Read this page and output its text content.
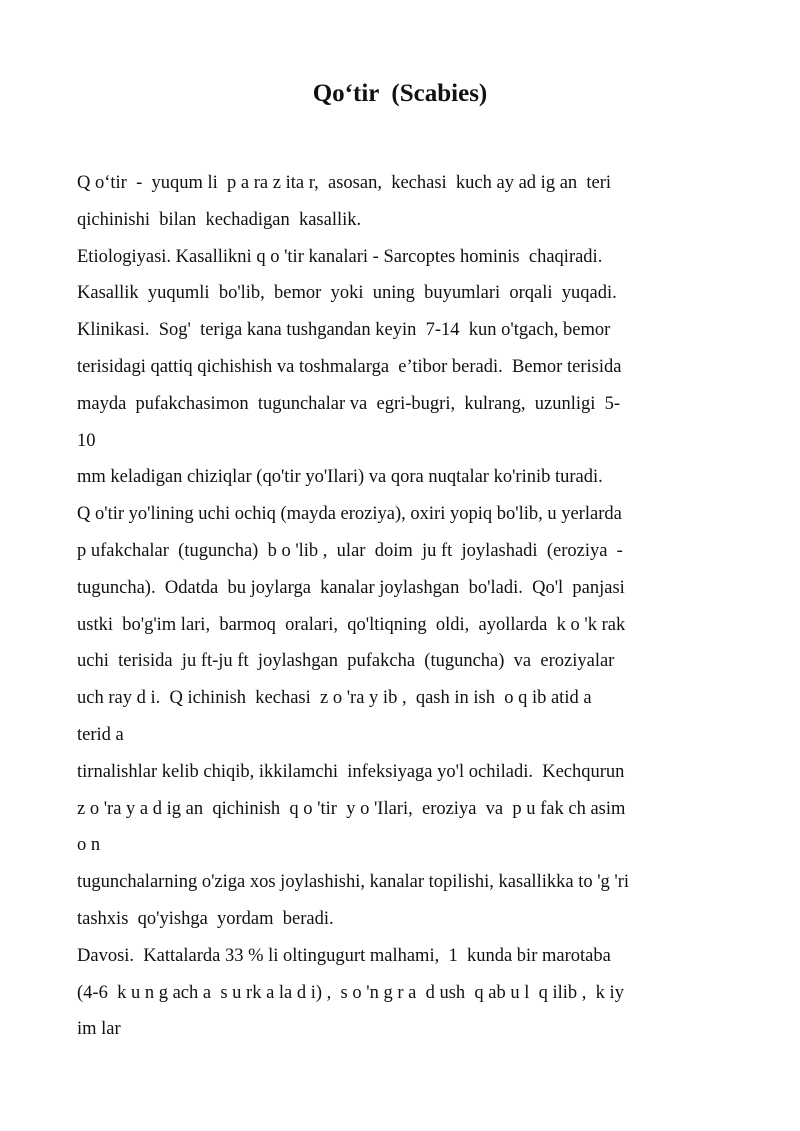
Qo‘tir  (Scabies)
Q o‘tir  -  yuqum li  p a ra z ita r,  asosan,  kechasi  kuch ay ad ig an  teri
qichinishi  bilan  kechadigan  kasallik.
Etiologiyasi. Kasallikni q o 'tir kanalari - Sarcoptes hominis  chaqiradi.
Kasallik  yuqumli  bo'lib,  bemor  yoki  uning  buyumlari  orqali  yuqadi.
Klinikasi.  Sog'  teriga kana tushgandan keyin  7-14  kun o'tgach, bemor
terisidagi qattiq qichishish va toshmalarga  e’tibor beradi.  Bemor terisida
mayda  pufakchasimon  tugunchalar va  egri-bugri,  kulrang,  uzunligi  5-
10
mm keladigan chiziqlar (qo'tir yo'Ilari) va qora nuqtalar ko'rinib turadi.
Q o'tir yo'lining uchi ochiq (mayda eroziya), oxiri yopiq bo'lib, u yerlarda
p ufakchalar  (tuguncha)  b o 'lib ,  ular  doim  ju ft  joylashadi  (eroziya  -
tuguncha).  Odatda  bu joylarga  kanalar joylashgan  bo'ladi.  Qo'l  panjasi
ustki  bo'g'im lari,  barmoq  oralari,  qo'ltiqning  oldi,  ayollarda  k o 'k rak
uchi  terisida  ju ft-ju ft  joylashgan  pufakcha  (tuguncha)  va  eroziyalar
uch ray d i.  Q ichinish  kechasi  z o 'ra y ib ,  qash in ish  o q ib atid a
terid a
tirnalishlar kelib chiqib, ikkilamchi  infeksiyaga yo'l ochiladi.  Kechqurun
z o 'ra y a d ig an  qichinish  q o 'tir  y o 'Ilari,  eroziya  va  p u fak ch asim
o n
tugunchalarning o'ziga xos joylashishi, kanalar topilishi, kasallikka to 'g 'ri
tashxis  qo'yishga  yordam  beradi.
Davosi.  Kattalarda 33 % li oltingugurt malhami,  1  kunda bir marotaba
(4-6  k u n g ach a  s u rk a la d i) ,  s o 'n g r a  d ush  q ab u l  q ilib ,  k iy
im lar
